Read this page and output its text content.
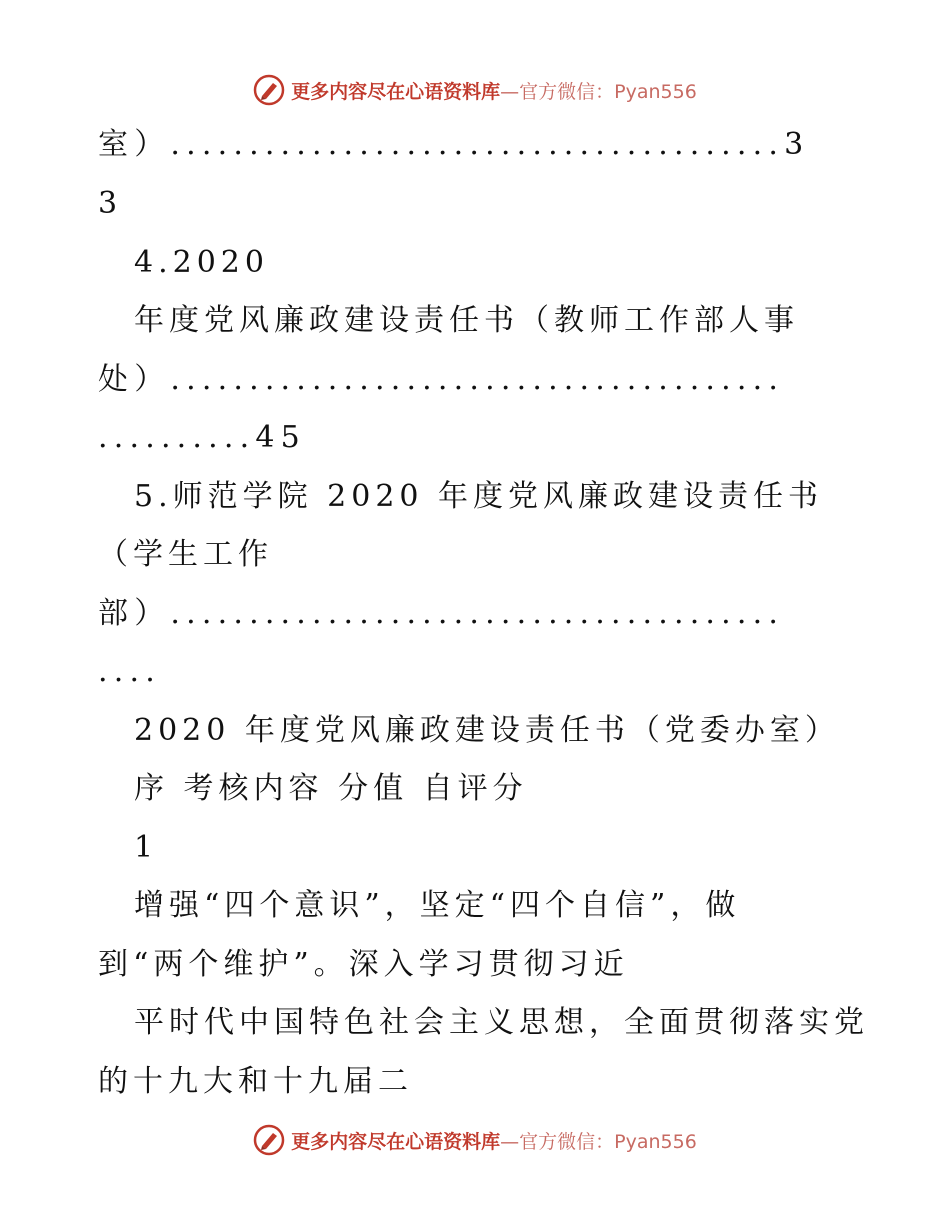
更多内容尽在心语资料库—官方微信：Pyan556
室）.......................................3
3
4.2020
年度党风廉政建设责任书（教师工作部人事
处）.......................................
..........45
5.师范学院 2020 年度党风廉政建设责任书
（学生工作
部）.......................................
....
2020 年度党风廉政建设责任书（党委办室）
序 考核内容 分值 自评分
1
增强“四个意识”，坚定“四个自信”，做
到“两个维护”。深入学习贯彻习近
平时代中国特色社会主义思想，全面贯彻落实党
的十九大和十九届二
更多内容尽在心语资料库—官方微信：Pyan556
